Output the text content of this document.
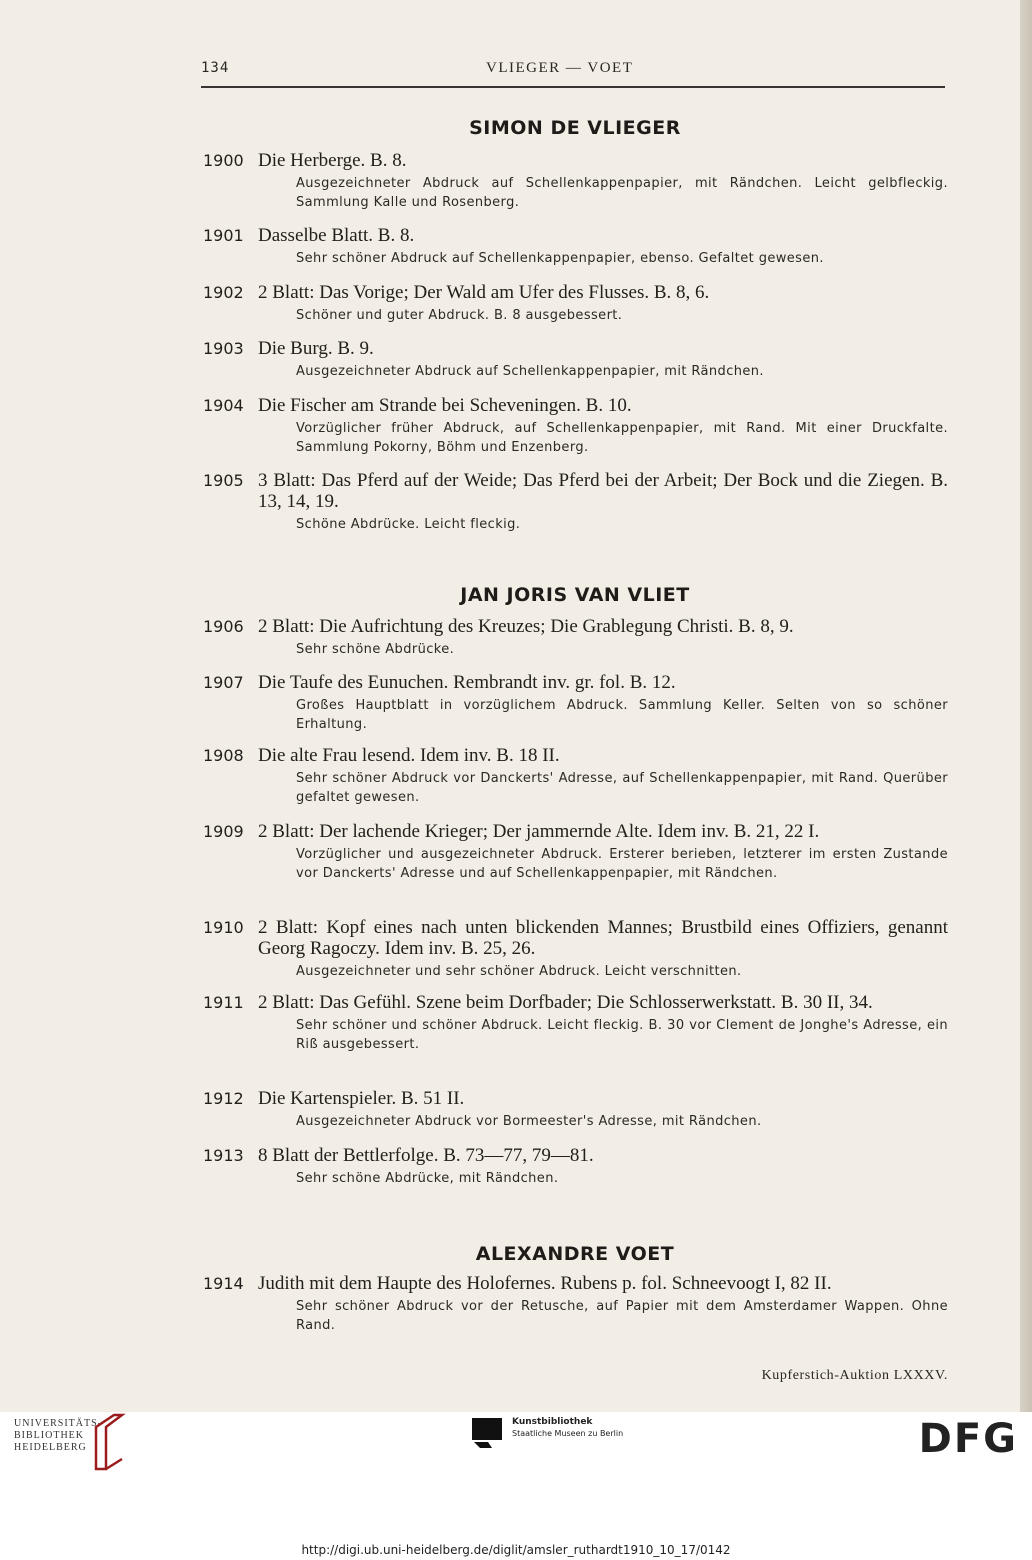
134	VLIEGER — VOET
SIMON DE VLIEGER
1900 Die Herberge. B. 8.
Ausgezeichneter Abdruck auf Schellenkappenpapier, mit Rändchen. Leicht gelbfleckig. Sammlung Kalle und Rosenberg.
1901 Dasselbe Blatt. B. 8.
Sehr schöner Abdruck auf Schellenkappenpapier, ebenso. Gefaltet gewesen.
1902 2 Blatt: Das Vorige; Der Wald am Ufer des Flusses. B. 8, 6.
Schöner und guter Abdruck. B. 8 ausgebessert.
1903 Die Burg. B. 9.
Ausgezeichneter Abdruck auf Schellenkappenpapier, mit Rändchen.
1904 Die Fischer am Strande bei Scheveningen. B. 10.
Vorzüglicher früher Abdruck, auf Schellenkappenpapier, mit Rand. Mit einer Druckfalte. Sammlung Pokorny, Böhm und Enzenberg.
1905 3 Blatt: Das Pferd auf der Weide; Das Pferd bei der Arbeit; Der Bock und die Ziegen. B. 13, 14, 19.
Schöne Abdrücke. Leicht fleckig.
JAN JORIS VAN VLIET
1906 2 Blatt: Die Aufrichtung des Kreuzes; Die Grablegung Christi. B. 8, 9.
Sehr schöne Abdrücke.
1907 Die Taufe des Eunuchen. Rembrandt inv. gr. fol. B. 12.
Großes Hauptblatt in vorzüglichem Abdruck. Sammlung Keller. Selten von so schöner Erhaltung.
1908 Die alte Frau lesend. Idem inv. B. 18 II.
Sehr schöner Abdruck vor Danckerts' Adresse, auf Schellenkappenpapier, mit Rand. Querüber gefaltet gewesen.
1909 2 Blatt: Der lachende Krieger; Der jammernde Alte. Idem inv. B. 21, 22 I.
Vorzüglicher und ausgezeichneter Abdruck. Ersterer berieben, letzterer im ersten Zustande vor Danckerts' Adresse und auf Schellenkappenpapier, mit Rändchen.
1910 2 Blatt: Kopf eines nach unten blickenden Mannes; Brustbild eines Offiziers, genannt Georg Ragoczy. Idem inv. B. 25, 26.
Ausgezeichneter und sehr schöner Abdruck. Leicht verschnitten.
1911 2 Blatt: Das Gefühl. Szene beim Dorfbader; Die Schlosserwerkstatt. B. 30 II, 34.
Sehr schöner und schöner Abdruck. Leicht fleckig. B. 30 vor Clement de Jonghe's Adresse, ein Riß ausgebessert.
1912 Die Kartenspieler. B. 51 II.
Ausgezeichneter Abdruck vor Bormeester's Adresse, mit Rändchen.
1913 8 Blatt der Bettlerfolge. B. 73—77, 79—81.
Sehr schöne Abdrücke, mit Rändchen.
ALEXANDRE VOET
1914 Judith mit dem Haupte des Holofernes. Rubens p. fol. Schneevoogt I, 82 II.
Sehr schöner Abdruck vor der Retusche, auf Papier mit dem Amsterdamer Wappen. Ohne Rand.
Kupferstich-Auktion LXXXV.
UNIVERSITÄTS-
BIBLIOTHEK
HEIDELBERG
Kunstbibliothek
Staatliche Museen zu Berlin	DFG
http://digi.ub.uni-heidelberg.de/diglit/amsler_ruthardt1910_10_17/0142
